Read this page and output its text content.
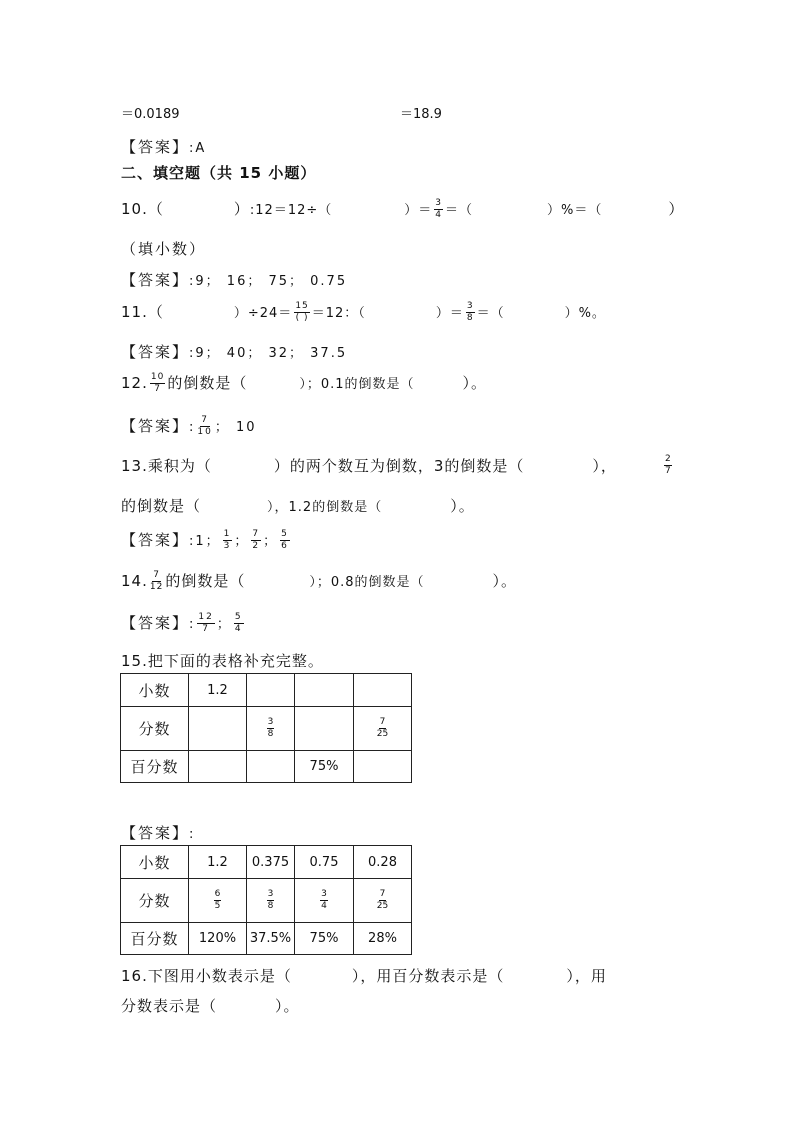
＝0.0189	＝18.9
【答案】:A
二、填空题（共 15 小题）
10.（	）:12＝12÷（	）＝ $\frac{3}{4}$ ＝（	）%＝（	）
（填小数）
【答案】:9； 16； 75； 0.75
11.（	）$\div 24= \frac{15}{( )} =12$：（	）＝ $\frac{3}{8}$ ＝（	）%。
【答案】:9； 40； 32； 37.5
12. $\frac{10}{7}$ 的倒数是（	）；0.1的倒数是（	）。
【答案】: $\frac{7}{10}$ ； 10
13.乘积为（	）的两个数互为倒数，3的倒数是（	），	$\frac{2}{7}$
的倒数是（	），1.2的倒数是（	）。
【答案】:1； $\frac{1}{3}$ ； $\frac{7}{2}$ ； $\frac{5}{6}$
14. $\frac{7}{12}$ 的倒数是（	）；0.8的倒数是（	）。
【答案】: $\frac{12}{7}$ ； $\frac{5}{4}$
15.把下面的表格补充完整。
小数	1.2			
分数		$\frac{3}{8}$		$\frac{7}{25}$

百分数			75%	
【答案】:
小数	1.2	0.375	0.75	0.28
分数	$\frac{6}{5}$	$\frac{3}{8}$	$\frac{3}{4}$	$\frac{7}{25}$

百分数	120%	37.5%	75%	28%
16.下图用小数表示是（	），用百分数表示是（	），用
分数表示是（	）。
